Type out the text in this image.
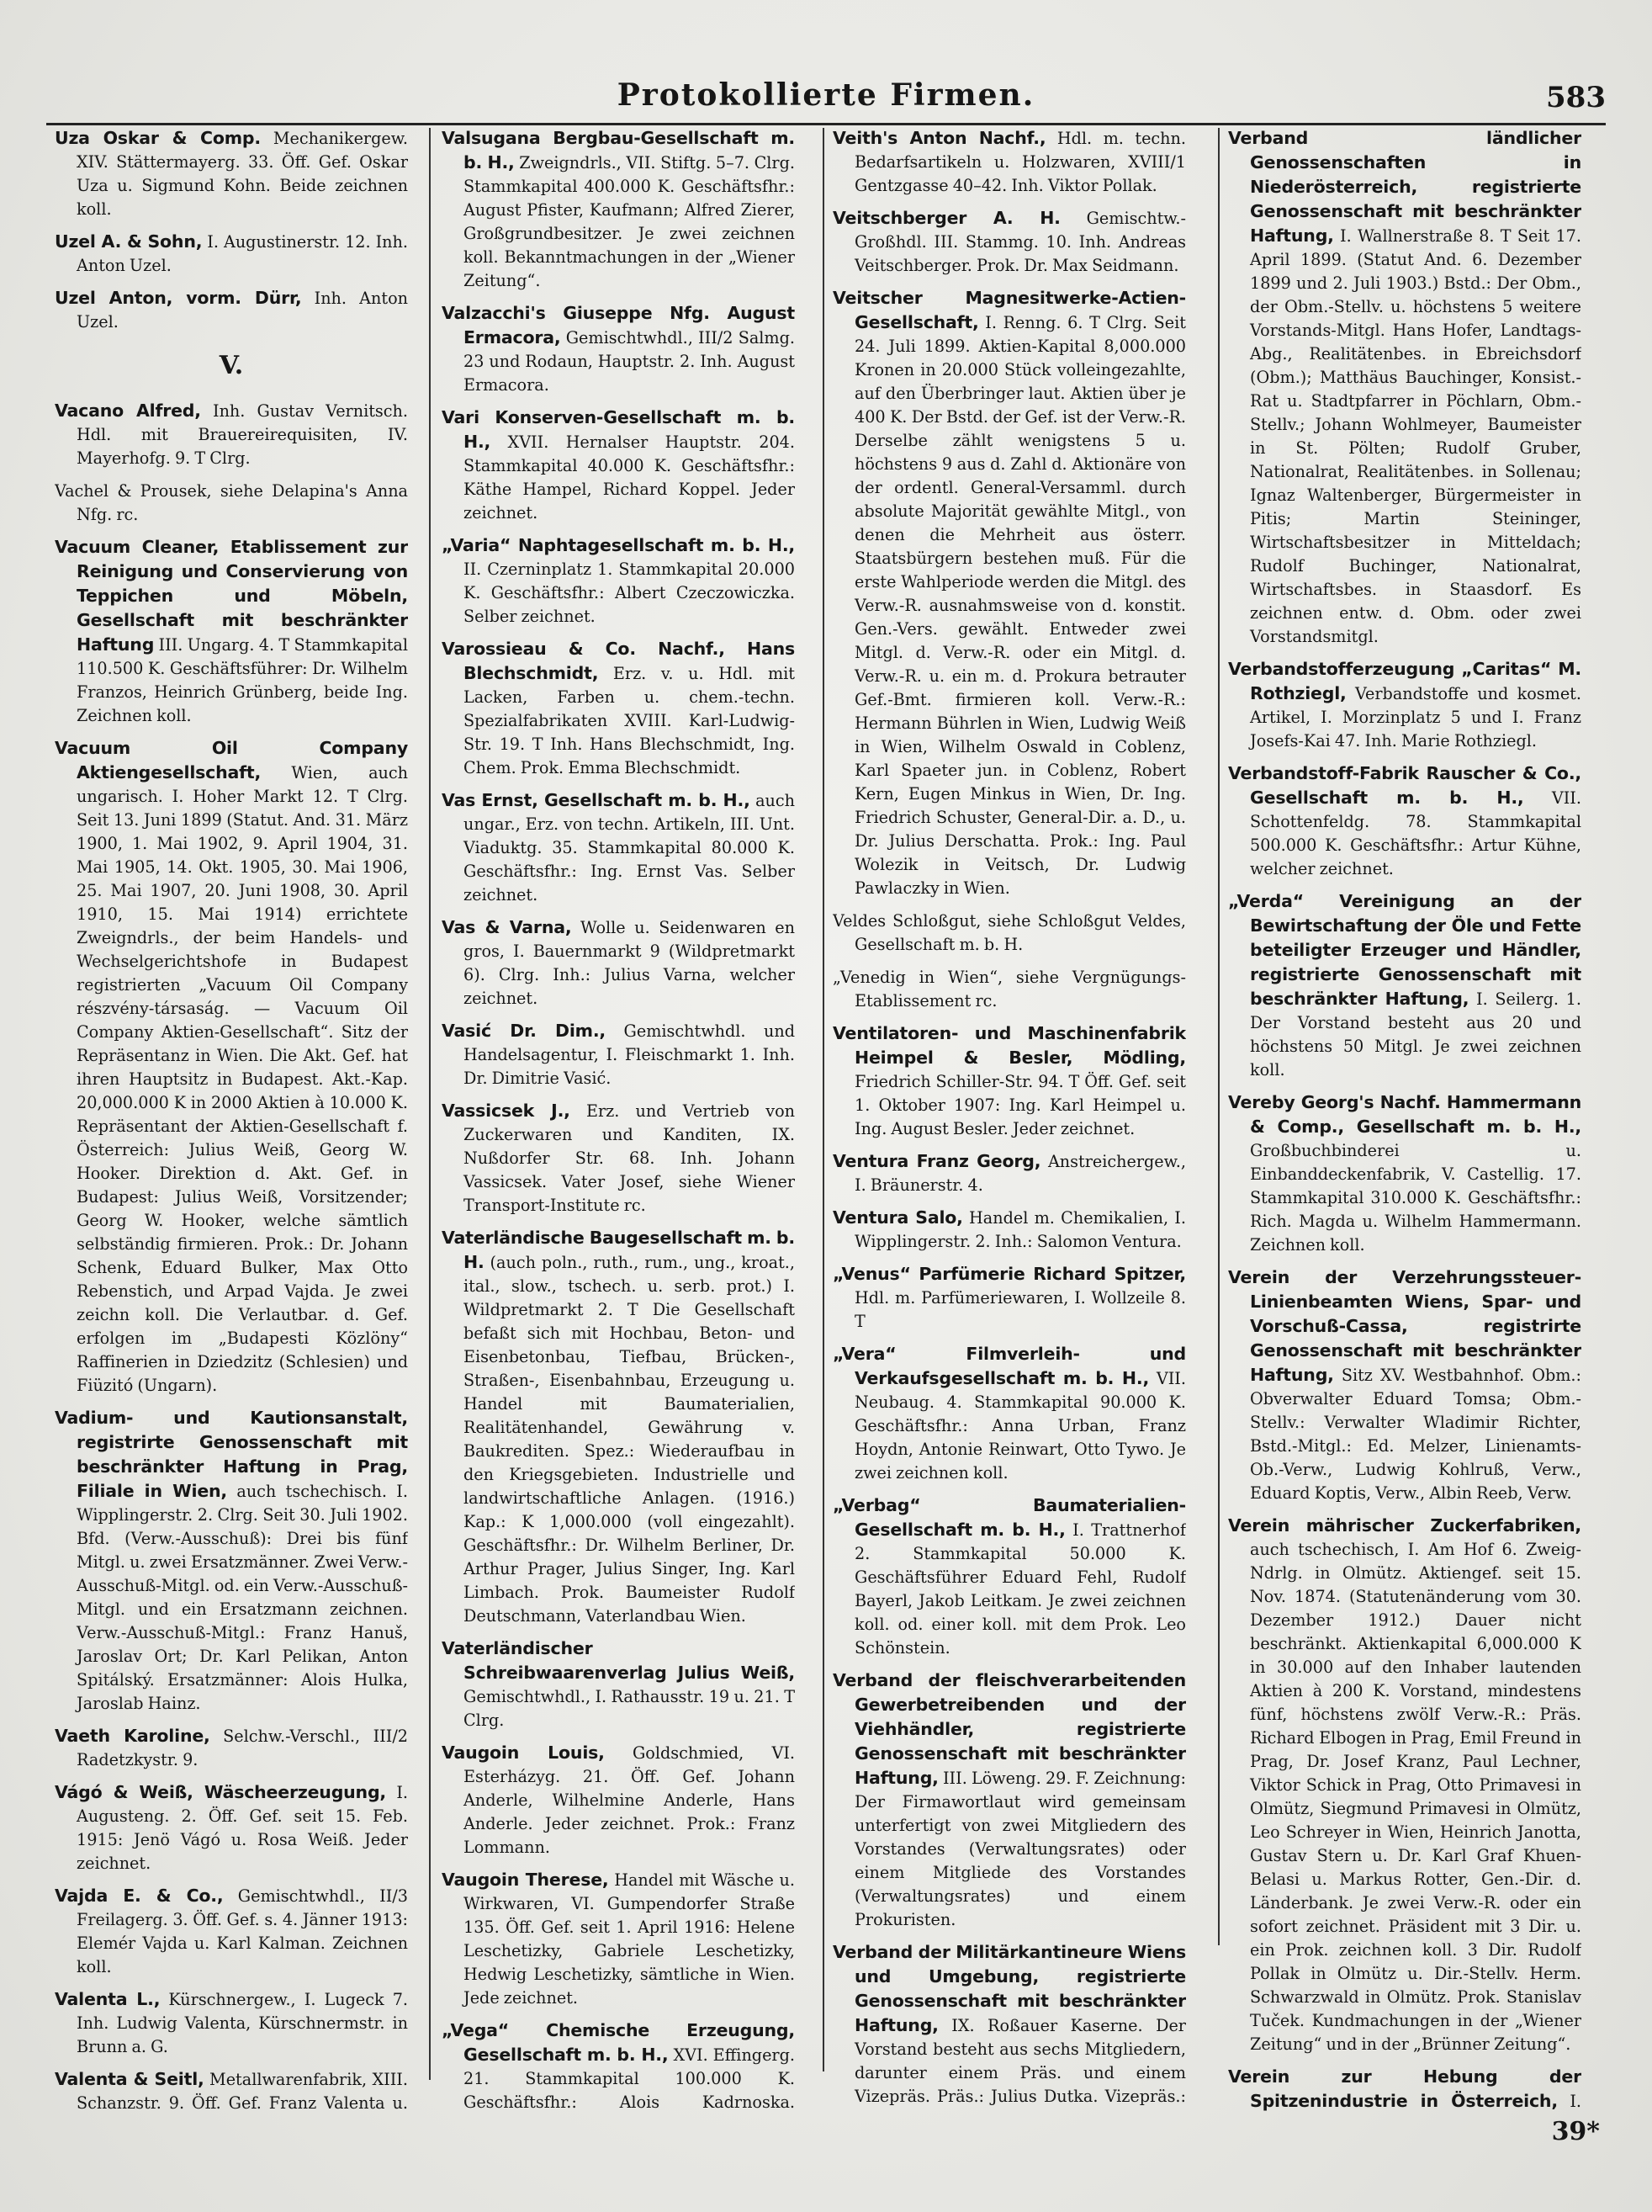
Protokollierte Firmen.	583

Uza Oskar & Comp. Mechanikergew. XIV. Stättermayerg. 33. Öff. Gef. Oskar Uza u. Sigmund Kohn. Beide zeichnen koll.

Uzel A. & Sohn, I. Augustinerstr. 12. Inh. Anton Uzel.

Uzel Anton, vorm. Dürr, Inh. Anton Uzel.

V.

Vacano Alfred, Inh. Gustav Vernitsch. Hdl. mit Brauereirequisiten, IV. Mayerhofg. 9. T Clrg.

Vachel & Prousek, siehe Delapina's Anna Nfg. rc.

Vacuum Cleaner, Etablissement zur Reinigung und Conservierung von Teppichen und Möbeln, Gesellschaft mit beschränkter Haftung III. Ungarg. 4. T Stammkapital 110.500 K. Geschäftsführer: Dr. Wilhelm Franzos, Heinrich Grünberg, beide Ing. Zeichnen koll.

Vacuum Oil Company Aktiengesellschaft, Wien, auch ungarisch. I. Hoher Markt 12. T Clrg. Seit 13. Juni 1899 (Statut. And. 31. März 1900, 1. Mai 1902, 9. April 1904, 31. Mai 1905, 14. Okt. 1905, 30. Mai 1906, 25. Mai 1907, 20. Juni 1908, 30. April 1910, 15. Mai 1914) errichtete Zweigndrls., der beim Handels- und Wechselgerichtshofe in Budapest registrierten „Vacuum Oil Company részvény-társaság. — Vacuum Oil Company Aktien-Gesellschaft“. Sitz der Repräsentanz in Wien. Die Akt. Gef. hat ihren Hauptsitz in Budapest. Akt.-Kap. 20,000.000 K in 2000 Aktien à 10.000 K. Repräsentant der Aktien-Gesellschaft f. Österreich: Julius Weiß, Georg W. Hooker. Direktion d. Akt. Gef. in Budapest: Julius Weiß, Vorsitzender; Georg W. Hooker, welche sämtlich selbständig firmieren. Prok.: Dr. Johann Schenk, Eduard Bulker, Max Otto Rebenstich, und Arpad Vajda. Je zwei zeichn koll. Die Verlautbar. d. Gef. erfolgen im „Budapesti Közlöny“ Raffinerien in Dziedzitz (Schlesien) und Fiüzitó (Ungarn).

Vadium- und Kautionsanstalt, registrirte Genossenschaft mit beschränkter Haftung in Prag, Filiale in Wien, auch tschechisch. I. Wipplingerstr. 2. Clrg. Seit 30. Juli 1902. Bfd. (Verw.-Ausschuß): Drei bis fünf Mitgl. u. zwei Ersatzmänner. Zwei Verw.-Ausschuß-Mitgl. od. ein Verw.-Ausschuß-Mitgl. und ein Ersatzmann zeichnen. Verw.-Ausschuß-Mitgl.: Franz Hanuš, Jaroslav Ort; Dr. Karl Pelikan, Anton Spitálský. Ersatzmänner: Alois Hulka, Jaroslab Hainz.

Vaeth Karoline, Selchw.-Verschl., III/2 Radetzkystr. 9.

Vágó & Weiß, Wäscheerzeugung, I. Augusteng. 2. Öff. Gef. seit 15. Feb. 1915: Jenö Vágó u. Rosa Weiß. Jeder zeichnet.

Vajda E. & Co., Gemischtwhdl., II/3 Freilagerg. 3. Öff. Gef. s. 4. Jänner 1913: Elemér Vajda u. Karl Kalman. Zeichnen koll.

Valenta L., Kürschnergew., I. Lugeck 7. Inh. Ludwig Valenta, Kürschnermstr. in Brunn a. G.

Valenta & Seitl, Metallwarenfabrik, XIII. Schanzstr. 9. Öff. Gef. Franz Valenta u.

Valsugana Bergbau-Gesellschaft m. b. H., Zweigndrls., VII. Stiftg. 5–7. Clrg. Stammkapital 400.000 K. Geschäftsfhr.: August Pfister, Kaufmann; Alfred Zierer, Großgrundbesitzer. Je zwei zeichnen koll. Bekanntmachungen in der „Wiener Zeitung“.

Valzacchi's Giuseppe Nfg. August Ermacora, Gemischtwhdl., III/2 Salmg. 23 und Rodaun, Hauptstr. 2. Inh. August Ermacora.

Vari Konserven-Gesellschaft m. b. H., XVII. Hernalser Hauptstr. 204. Stammkapital 40.000 K. Geschäftsfhr.: Käthe Hampel, Richard Koppel. Jeder zeichnet.

„Varia“ Naphtagesellschaft m. b. H., II. Czerninplatz 1. Stammkapital 20.000 K. Geschäftsfhr.: Albert Czeczowiczka. Selber zeichnet.

Varossieau & Co. Nachf., Hans Blechschmidt, Erz. v. u. Hdl. mit Lacken, Farben u. chem.-techn. Spezialfabrikaten XVIII. Karl-Ludwig-Str. 19. T Inh. Hans Blechschmidt, Ing. Chem. Prok. Emma Blechschmidt.

Vas Ernst, Gesellschaft m. b. H., auch ungar., Erz. von techn. Artikeln, III. Unt. Viaduktg. 35. Stammkapital 80.000 K. Geschäftsfhr.: Ing. Ernst Vas. Selber zeichnet.

Vas & Varna, Wolle u. Seidenwaren en gros, I. Bauernmarkt 9 (Wildpretmarkt 6). Clrg. Inh.: Julius Varna, welcher zeichnet.

Vasić Dr. Dim., Gemischtwhdl. und Handelsagentur, I. Fleischmarkt 1. Inh. Dr. Dimitrie Vasić.

Vassicsek J., Erz. und Vertrieb von Zuckerwaren und Kanditen, IX. Nußdorfer Str. 68. Inh. Johann Vassicsek. Vater Josef, siehe Wiener Transport-Institute rc.

Vaterländische Baugesellschaft m. b. H. (auch poln., ruth., rum., ung., kroat., ital., slow., tschech. u. serb. prot.) I. Wildpretmarkt 2. T Die Gesellschaft befaßt sich mit Hochbau, Beton- und Eisenbetonbau, Tiefbau, Brücken-, Straßen-, Eisenbahnbau, Erzeugung u. Handel mit Baumaterialien, Realitätenhandel, Gewährung v. Baukrediten. Spez.: Wiederaufbau in den Kriegsgebieten. Industrielle und landwirtschaftliche Anlagen. (1916.) Kap.: K 1,000.000 (voll eingezahlt). Geschäftsfhr.: Dr. Wilhelm Berliner, Dr. Arthur Prager, Julius Singer, Ing. Karl Limbach. Prok. Baumeister Rudolf Deutschmann, Vaterlandbau Wien.

Vaterländischer Schreibwaarenverlag Julius Weiß, Gemischtwhdl., I. Rathausstr. 19 u. 21. T Clrg.

Vaugoin Louis, Goldschmied, VI. Esterházyg. 21. Öff. Gef. Johann Anderle, Wilhelmine Anderle, Hans Anderle. Jeder zeichnet. Prok.: Franz Lommann.

Vaugoin Therese, Handel mit Wäsche u. Wirkwaren, VI. Gumpendorfer Straße 135. Öff. Gef. seit 1. April 1916: Helene Leschetizky, Gabriele Leschetizky, Hedwig Leschetizky, sämtliche in Wien. Jede zeichnet.

„Vega“ Chemische Erzeugung, Gesellschaft m. b. H., XVI. Effingerg. 21. Stammkapital 100.000 K. Geschäftsfhr.: Alois Kadrnoska.

Veith's Anton Nachf., Hdl. m. techn. Bedarfsartikeln u. Holzwaren, XVIII/1 Gentzgasse 40–42. Inh. Viktor Pollak.

Veitschberger A. H. Gemischtw.-Großhdl. III. Stammg. 10. Inh. Andreas Veitschberger. Prok. Dr. Max Seidmann.

Veitscher Magnesitwerke-Actien-Gesellschaft, I. Renng. 6. T Clrg. Seit 24. Juli 1899. Aktien-Kapital 8,000.000 Kronen in 20.000 Stück volleingezahlte, auf den Überbringer laut. Aktien über je 400 K. Der Bstd. der Gef. ist der Verw.-R. Derselbe zählt wenigstens 5 u. höchstens 9 aus d. Zahl d. Aktionäre von der ordentl. General-Versamml. durch absolute Majorität gewählte Mitgl., von denen die Mehrheit aus österr. Staatsbürgern bestehen muß. Für die erste Wahlperiode werden die Mitgl. des Verw.-R. ausnahmsweise von d. konstit. Gen.-Vers. gewählt. Entweder zwei Mitgl. d. Verw.-R. oder ein Mitgl. d. Verw.-R. u. ein m. d. Prokura betrauter Gef.-Bmt. firmieren koll. Verw.-R.: Hermann Bührlen in Wien, Ludwig Weiß in Wien, Wilhelm Oswald in Coblenz, Karl Spaeter jun. in Coblenz, Robert Kern, Eugen Minkus in Wien, Dr. Ing. Friedrich Schuster, General-Dir. a. D., u. Dr. Julius Derschatta. Prok.: Ing. Paul Wolezik in Veitsch, Dr. Ludwig Pawlaczky in Wien.

Veldes Schloßgut, siehe Schloßgut Veldes, Gesellschaft m. b. H.

„Venedig in Wien“, siehe Vergnügungs-Etablissement rc.

Ventilatoren- und Maschinenfabrik Heimpel & Besler, Mödling, Friedrich Schiller-Str. 94. T Öff. Gef. seit 1. Oktober 1907: Ing. Karl Heimpel u. Ing. August Besler. Jeder zeichnet.

Ventura Franz Georg, Anstreichergew., I. Bräunerstr. 4.

Ventura Salo, Handel m. Chemikalien, I. Wipplingerstr. 2. Inh.: Salomon Ventura.

„Venus“ Parfümerie Richard Spitzer, Hdl. m. Parfümeriewaren, I. Wollzeile 8. T

„Vera“ Filmverleih- und Verkaufsgesellschaft m. b. H., VII. Neubaug. 4. Stammkapital 90.000 K. Geschäftsfhr.: Anna Urban, Franz Hoydn, Antonie Reinwart, Otto Tywo. Je zwei zeichnen koll.

„Verbag“ Baumaterialien-Gesellschaft m. b. H., I. Trattnerhof 2. Stammkapital 50.000 K. Geschäftsführer Eduard Fehl, Rudolf Bayerl, Jakob Leitkam. Je zwei zeichnen koll. od. einer koll. mit dem Prok. Leo Schönstein.

Verband der fleischverarbeitenden Gewerbetreibenden und der Viehhändler, registrierte Genossenschaft mit beschränkter Haftung, III. Löweng. 29. F. Zeichnung: Der Firmawortlaut wird gemeinsam unterfertigt von zwei Mitgliedern des Vorstandes (Verwaltungsrates) oder einem Mitgliede des Vorstandes (Verwaltungsrates) und einem Prokuristen.

Verband der Militärkantineure Wiens und Umgebung, registrierte Genossenschaft mit beschränkter Haftung, IX. Roßauer Kaserne. Der Vorstand besteht aus sechs Mitgliedern, darunter einem Präs. und einem Vizepräs. Präs.: Julius Dutka. Vizepräs.:

Verband ländlicher Genossenschaften in Niederösterreich, registrierte Genossenschaft mit beschränkter Haftung, I. Wallnerstraße 8. T Seit 17. April 1899. (Statut And. 6. Dezember 1899 und 2. Juli 1903.) Bstd.: Der Obm., der Obm.-Stellv. u. höchstens 5 weitere Vorstands-Mitgl. Hans Hofer, Landtags-Abg., Realitätenbes. in Ebreichsdorf (Obm.); Matthäus Bauchinger, Konsist.-Rat u. Stadtpfarrer in Pöchlarn, Obm.-Stellv.; Johann Wohlmeyer, Baumeister in St. Pölten; Rudolf Gruber, Nationalrat, Realitätenbes. in Sollenau; Ignaz Waltenberger, Bürgermeister in Pitis; Martin Steininger, Wirtschaftsbesitzer in Mitteldach; Rudolf Buchinger, Nationalrat, Wirtschaftsbes. in Staasdorf. Es zeichnen entw. d. Obm. oder zwei Vorstandsmitgl.

Verbandstofferzeugung „Caritas“ M. Rothziegl, Verbandstoffe und kosmet. Artikel, I. Morzinplatz 5 und I. Franz Josefs-Kai 47. Inh. Marie Rothziegl.

Verbandstoff-Fabrik Rauscher & Co., Gesellschaft m. b. H., VII. Schottenfeldg. 78. Stammkapital 500.000 K. Geschäftsfhr.: Artur Kühne, welcher zeichnet.

„Verda“ Vereinigung an der Bewirtschaftung der Öle und Fette beteiligter Erzeuger und Händler, registrierte Genossenschaft mit beschränkter Haftung, I. Seilerg. 1. Der Vorstand besteht aus 20 und höchstens 50 Mitgl. Je zwei zeichnen koll.

Vereby Georg's Nachf. Hammermann & Comp., Gesellschaft m. b. H., Großbuchbinderei u. Einbanddeckenfabrik, V. Castellig. 17. Stammkapital 310.000 K. Geschäftsfhr.: Rich. Magda u. Wilhelm Hammermann. Zeichnen koll.

Verein der Verzehrungssteuer-Linienbeamten Wiens, Spar- und Vorschuß-Cassa, registrirte Genossenschaft mit beschränkter Haftung, Sitz XV. Westbahnhof. Obm.: Obverwalter Eduard Tomsa; Obm.-Stellv.: Verwalter Wladimir Richter, Bstd.-Mitgl.: Ed. Melzer, Linienamts-Ob.-Verw., Ludwig Kohlruß, Verw., Eduard Koptis, Verw., Albin Reeb, Verw.

Verein mährischer Zuckerfabriken, auch tschechisch, I. Am Hof 6. Zweig-Ndrlg. in Olmütz. Aktiengef. seit 15. Nov. 1874. (Statutenänderung vom 30. Dezember 1912.) Dauer nicht beschränkt. Aktienkapital 6,000.000 K in 30.000 auf den Inhaber lautenden Aktien à 200 K. Vorstand, mindestens fünf, höchstens zwölf Verw.-R.: Präs. Richard Elbogen in Prag, Emil Freund in Prag, Dr. Josef Kranz, Paul Lechner, Viktor Schick in Prag, Otto Primavesi in Olmütz, Siegmund Primavesi in Olmütz, Leo Schreyer in Wien, Heinrich Janotta, Gustav Stern u. Dr. Karl Graf Khuen-Belasi u. Markus Rotter, Gen.-Dir. d. Länderbank. Je zwei Verw.-R. oder ein sofort zeichnet. Präsident mit 3 Dir. u. ein Prok. zeichnen koll. 3 Dir. Rudolf Pollak in Olmütz u. Dir.-Stellv. Herm. Schwarzwald in Olmütz. Prok. Stanislav Tuček. Kundmachungen in der „Wiener Zeitung“ und in der „Brünner Zeitung“.

Verein zur Hebung der Spitzenindustrie in Österreich, I.

39*
